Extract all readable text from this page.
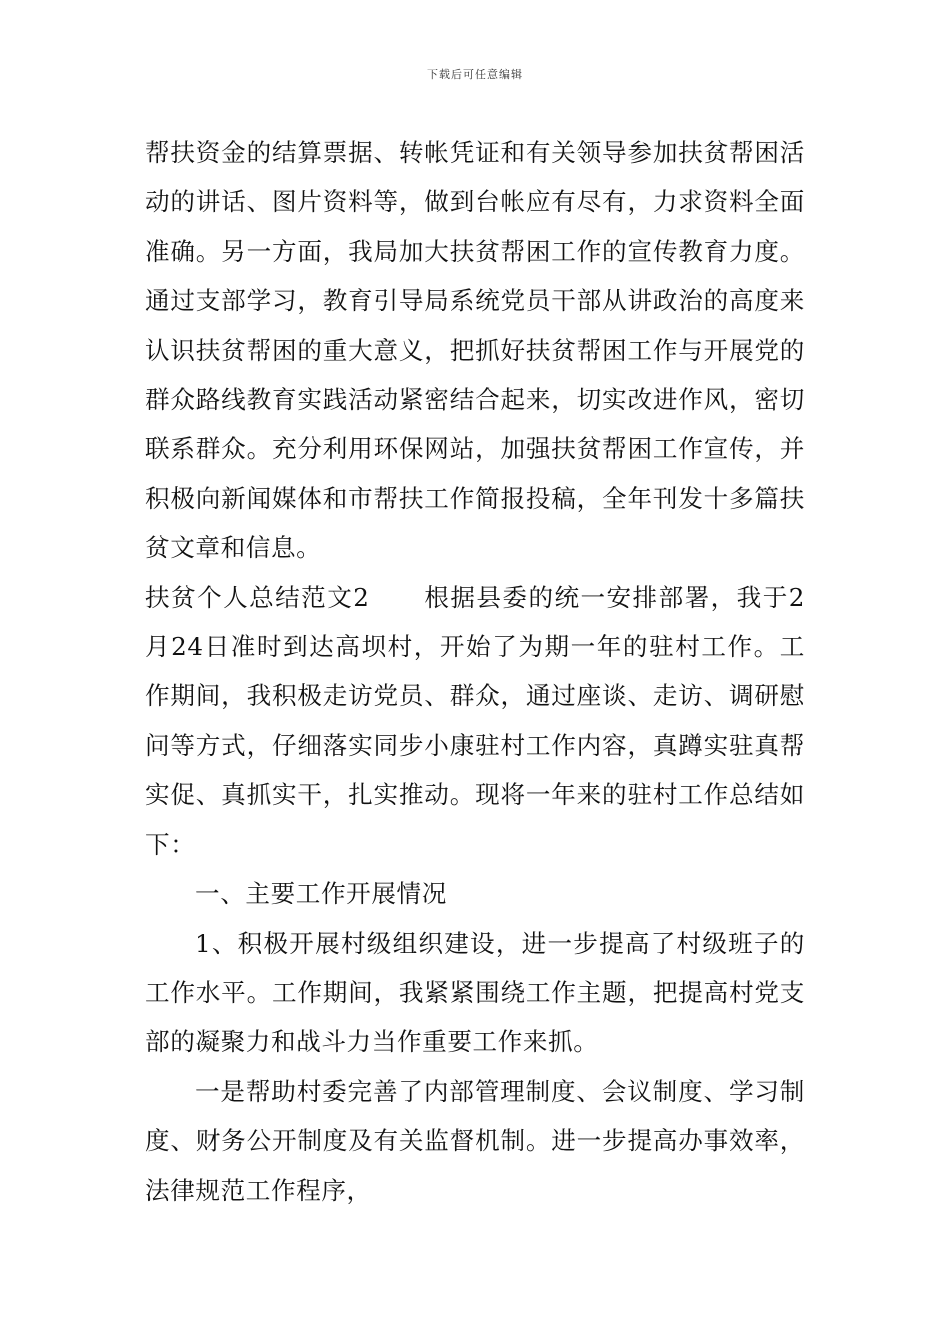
下载后可任意编辑

帮扶资金的结算票据、转帐凭证和有关领导参加扶贫帮困活动的讲话、图片资料等，做到台帐应有尽有，力求资料全面准确。另一方面，我局加大扶贫帮困工作的宣传教育力度。通过支部学习，教育引导局系统党员干部从讲政治的高度来认识扶贫帮困的重大意义，把抓好扶贫帮困工作与开展党的群众路线教育实践活动紧密结合起来，切实改进作风，密切联系群众。充分利用环保网站，加强扶贫帮困工作宣传，并积极向新闻媒体和市帮扶工作简报投稿，全年刊发十多篇扶贫文章和信息。

扶贫个人总结范文2 根据县委的统一安排部署，我于2月24日准时到达高坝村，开始了为期一年的驻村工作。工作期间，我积极走访党员、群众，通过座谈、走访、调研慰问等方式，仔细落实同步小康驻村工作内容，真蹲实驻真帮实促、真抓实干，扎实推动。现将一年来的驻村工作总结如下：

一、主要工作开展情况

1、积极开展村级组织建设，进一步提高了村级班子的工作水平。工作期间，我紧紧围绕工作主题，把提高村党支部的凝聚力和战斗力当作重要工作来抓。

一是帮助村委完善了内部管理制度、会议制度、学习制度、财务公开制度及有关监督机制。进一步提高办事效率，法律规范工作程序，
